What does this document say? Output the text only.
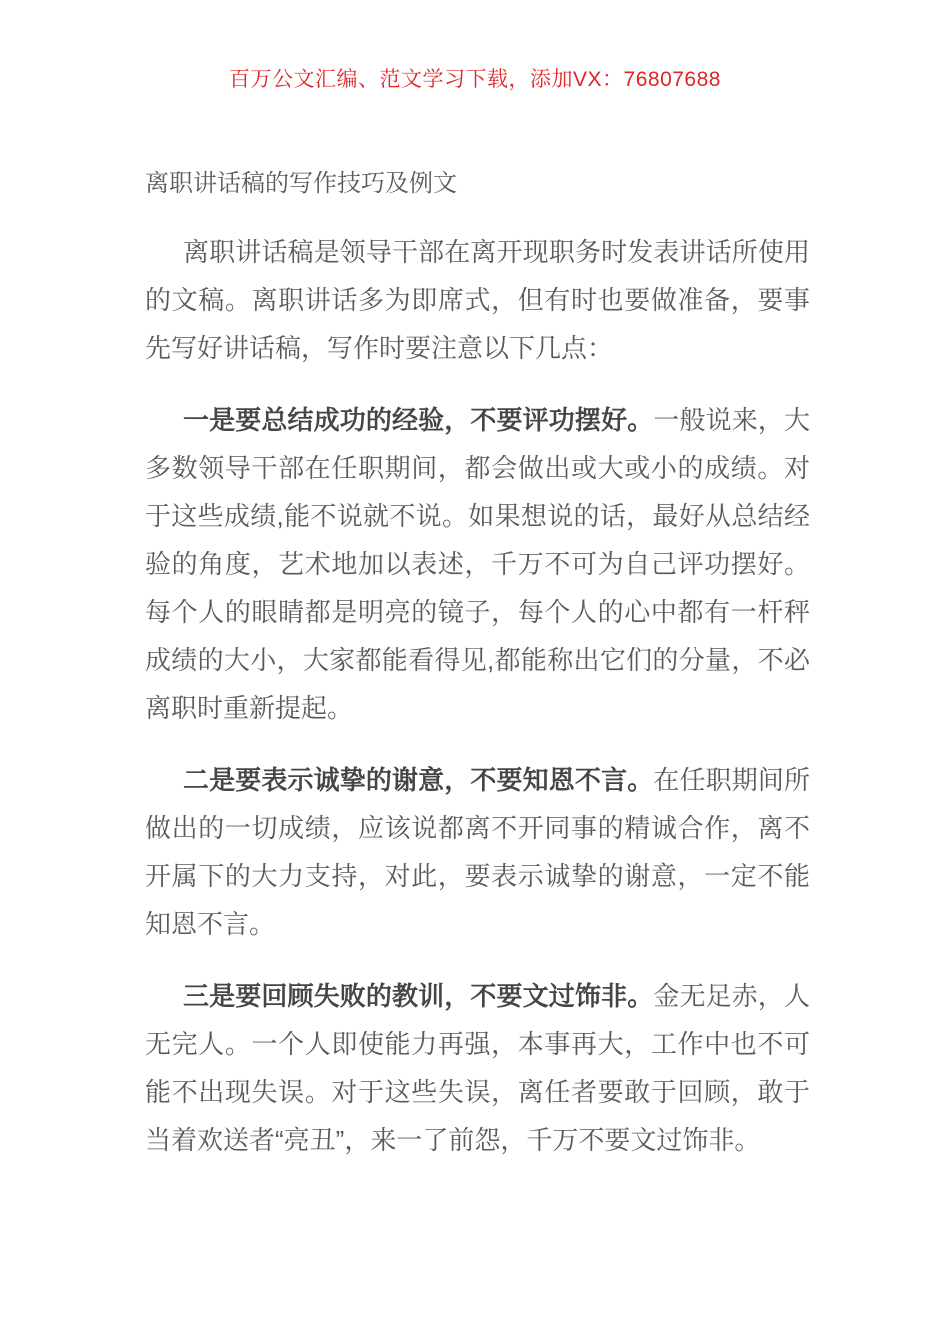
百万公文汇编、范文学习下载，添加VX：76807688
离职讲话稿的写作技巧及例文

离职讲话稿是领导干部在离开现职务时发表讲话所使用的文稿。离职讲话多为即席式，但有时也要做准备，要事先写好讲话稿，写作时要注意以下几点：

一是要总结成功的经验，不要评功摆好。一般说来，大多数领导干部在任职期间，都会做出或大或小的成绩。对于这些成绩,能不说就不说。如果想说的话，最好从总结经验的角度，艺术地加以表述，千万不可为自己评功摆好。每个人的眼睛都是明亮的镜子，每个人的心中都有一杆秤成绩的大小，大家都能看得见,都能称出它们的分量，不必离职时重新提起。

二是要表示诚挚的谢意，不要知恩不言。在任职期间所做出的一切成绩，应该说都离不开同事的精诚合作，离不开属下的大力支持，对此，要表示诚挚的谢意，一定不能知恩不言。

三是要回顾失败的教训，不要文过饰非。金无足赤，人无完人。一个人即使能力再强，本事再大，工作中也不可能不出现失误。对于这些失误，离任者要敢于回顾，敢于当着欢送者“亮丑”，来一了前怨，千万不要文过饰非。
